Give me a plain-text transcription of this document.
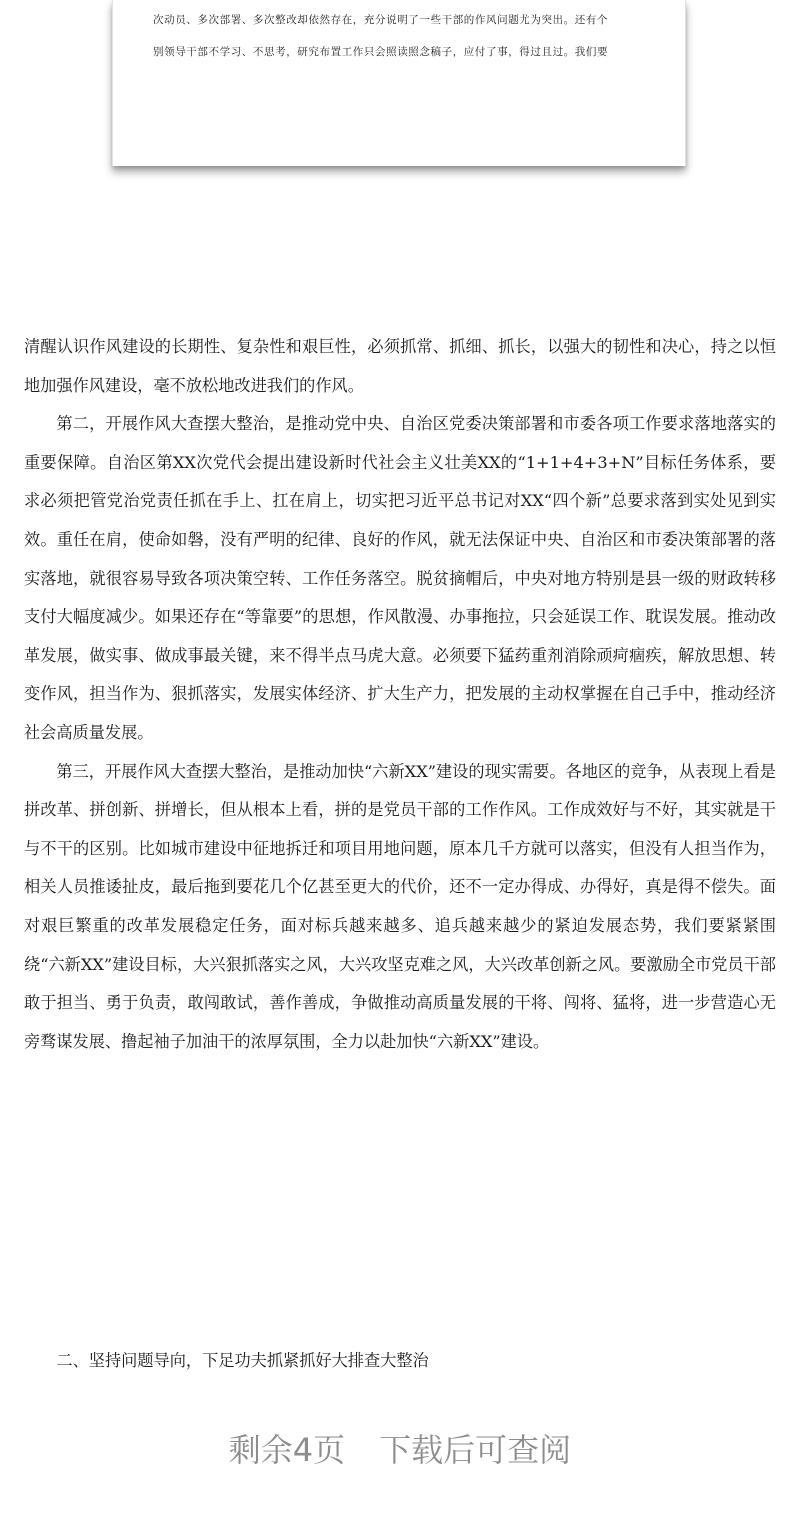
次动员、多次部署、多次整改却依然存在，充分说明了一些干部的作风问题尤为突出。还有个
别领导干部不学习、不思考，研究布置工作只会照读照念稿子，应付了事，得过且过。我们要

清醒认识作风建设的长期性、复杂性和艰巨性，必须抓常、抓细、抓长，以强大的韧性和决心，持之以恒地加强作风建设，毫不放松地改进我们的作风。

第二，开展作风大查摆大整治，是推动党中央、自治区党委决策部署和市委各项工作要求落地落实的重要保障。自治区第XX次党代会提出建设新时代社会主义壮美XX的“1+1+4+3+N”目标任务体系，要求必须把管党治党责任抓在手上、扛在肩上，切实把习近平总书记对XX“四个新”总要求落到实处见到实效。重任在肩，使命如磐，没有严明的纪律、良好的作风，就无法保证中央、自治区和市委决策部署的落实落地，就很容易导致各项决策空转、工作任务落空。脱贫摘帽后，中央对地方特别是县一级的财政转移支付大幅度减少。如果还存在“等靠要”的思想，作风散漫、办事拖拉，只会延误工作、耽误发展。推动改革发展，做实事、做成事最关键，来不得半点马虎大意。必须要下猛药重剂消除顽疴痼疾，解放思想、转变作风，担当作为、狠抓落实，发展实体经济、扩大生产力，把发展的主动权掌握在自己手中，推动经济社会高质量发展。

第三，开展作风大查摆大整治，是推动加快“六新XX”建设的现实需要。各地区的竞争，从表现上看是拼改革、拼创新、拼增长，但从根本上看，拼的是党员干部的工作作风。工作成效好与不好，其实就是干与不干的区别。比如城市建设中征地拆迁和项目用地问题，原本几千方就可以落实，但没有人担当作为，相关人员推诿扯皮，最后拖到要花几个亿甚至更大的代价，还不一定办得成、办得好，真是得不偿失。面对艰巨繁重的改革发展稳定任务，面对标兵越来越多、追兵越来越少的紧迫发展态势，我们要紧紧围绕“六新XX”建设目标，大兴狠抓落实之风，大兴攻坚克难之风，大兴改革创新之风。要激励全市党员干部敢于担当、勇于负责，敢闯敢试，善作善成，争做推动高质量发展的干将、闯将、猛将，进一步营造心无旁骛谋发展、撸起袖子加油干的浓厚氛围，全力以赴加快“六新XX”建设。

二、坚持问题导向，下足功夫抓紧抓好大排查大整治
剩余4页 下载后可查阅
